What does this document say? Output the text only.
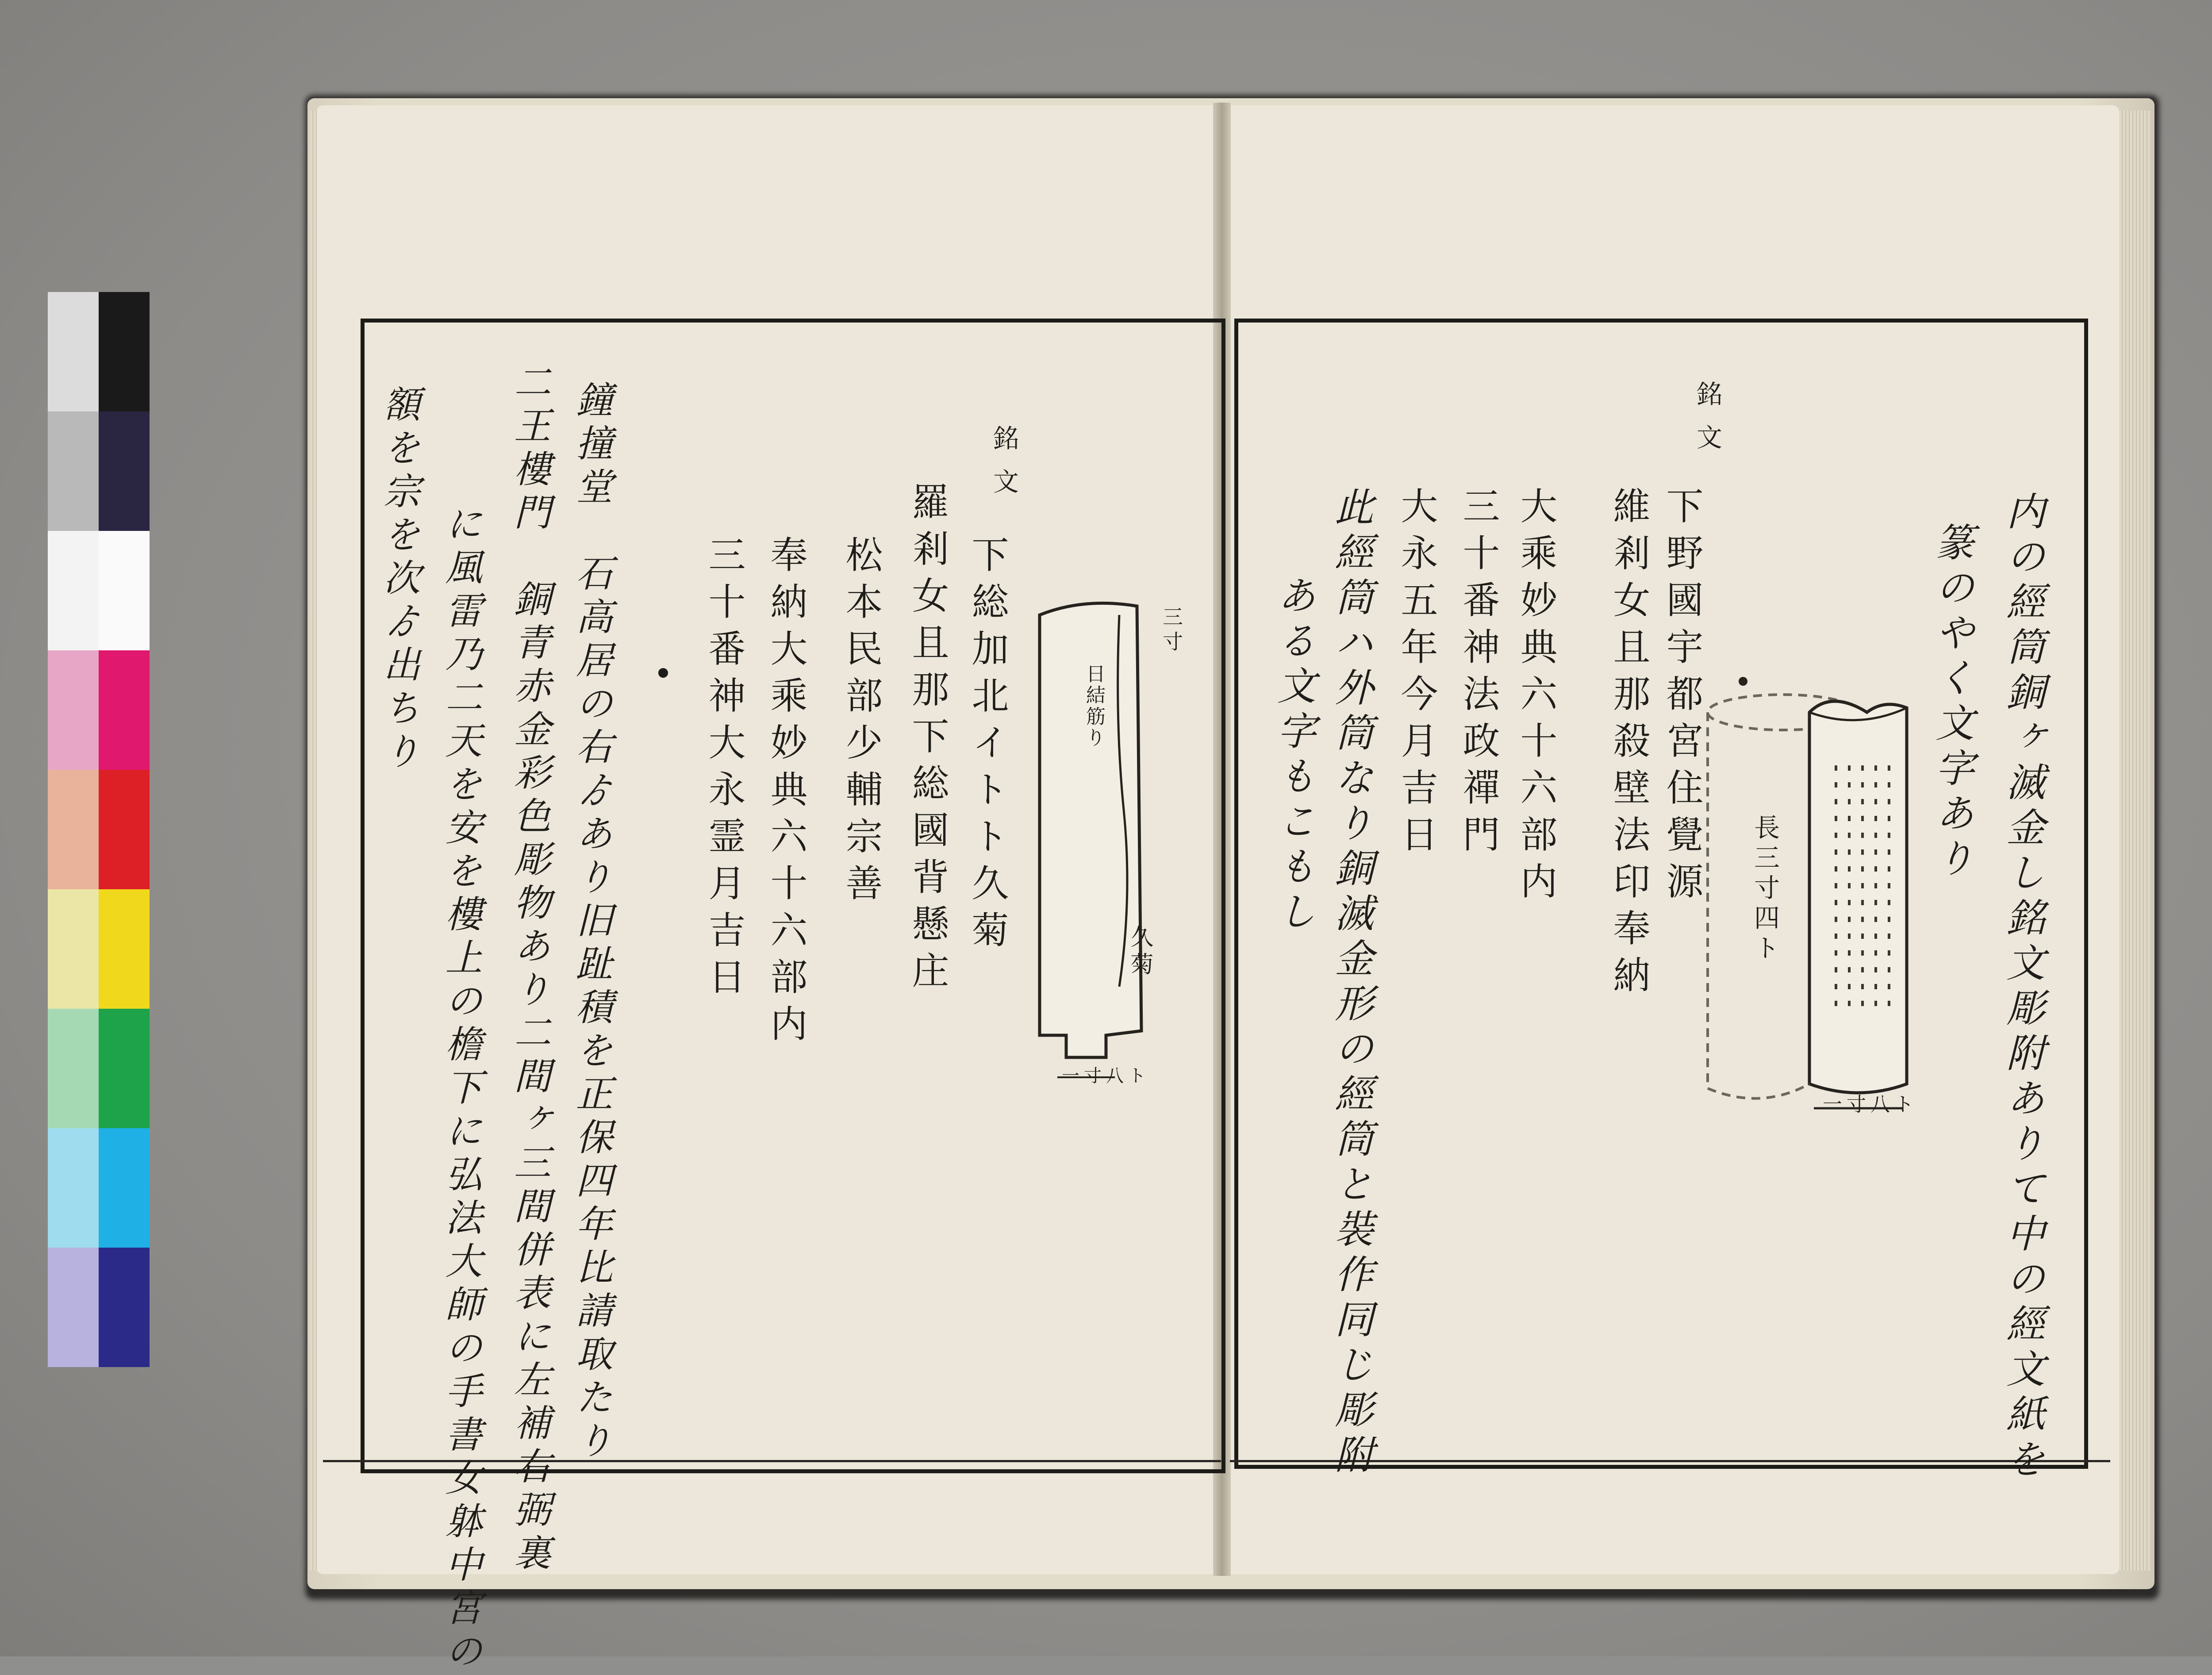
内の經筒銅ヶ滅金し銘文彫附ありて中の經文紙を
篆のやく文字あり
銘文
下野國宇都宮住覺源
維剎女且那殺壁法印奉納
大乘妙典六十六部内
三十番神法政禪門
大永五年今月吉日
此經筒ハ外筒なり銅滅金形の經筒と裝作同じ彫附
ある文字もこもし	長三寸四ト
一寸八ト
銘文
下総加北イトト久菊
羅剎女且那下総國背懸庄
松本民部少輔宗善
奉納大乘妙典六十六部内
三十番神大永霊月吉日	三寸
久菊
日結筋り
一寸八ト
鐘撞堂　石高居の右ゟあり旧趾積を正保四年比請取たり
二王樓門　銅青赤金彩色彫物あり二間ヶ三間併表に左補右弼裏
に風雷乃二天を安を樓上の檐下に弘法大師の手書女躰中宮の
額を宗を次ゟ出ちり
